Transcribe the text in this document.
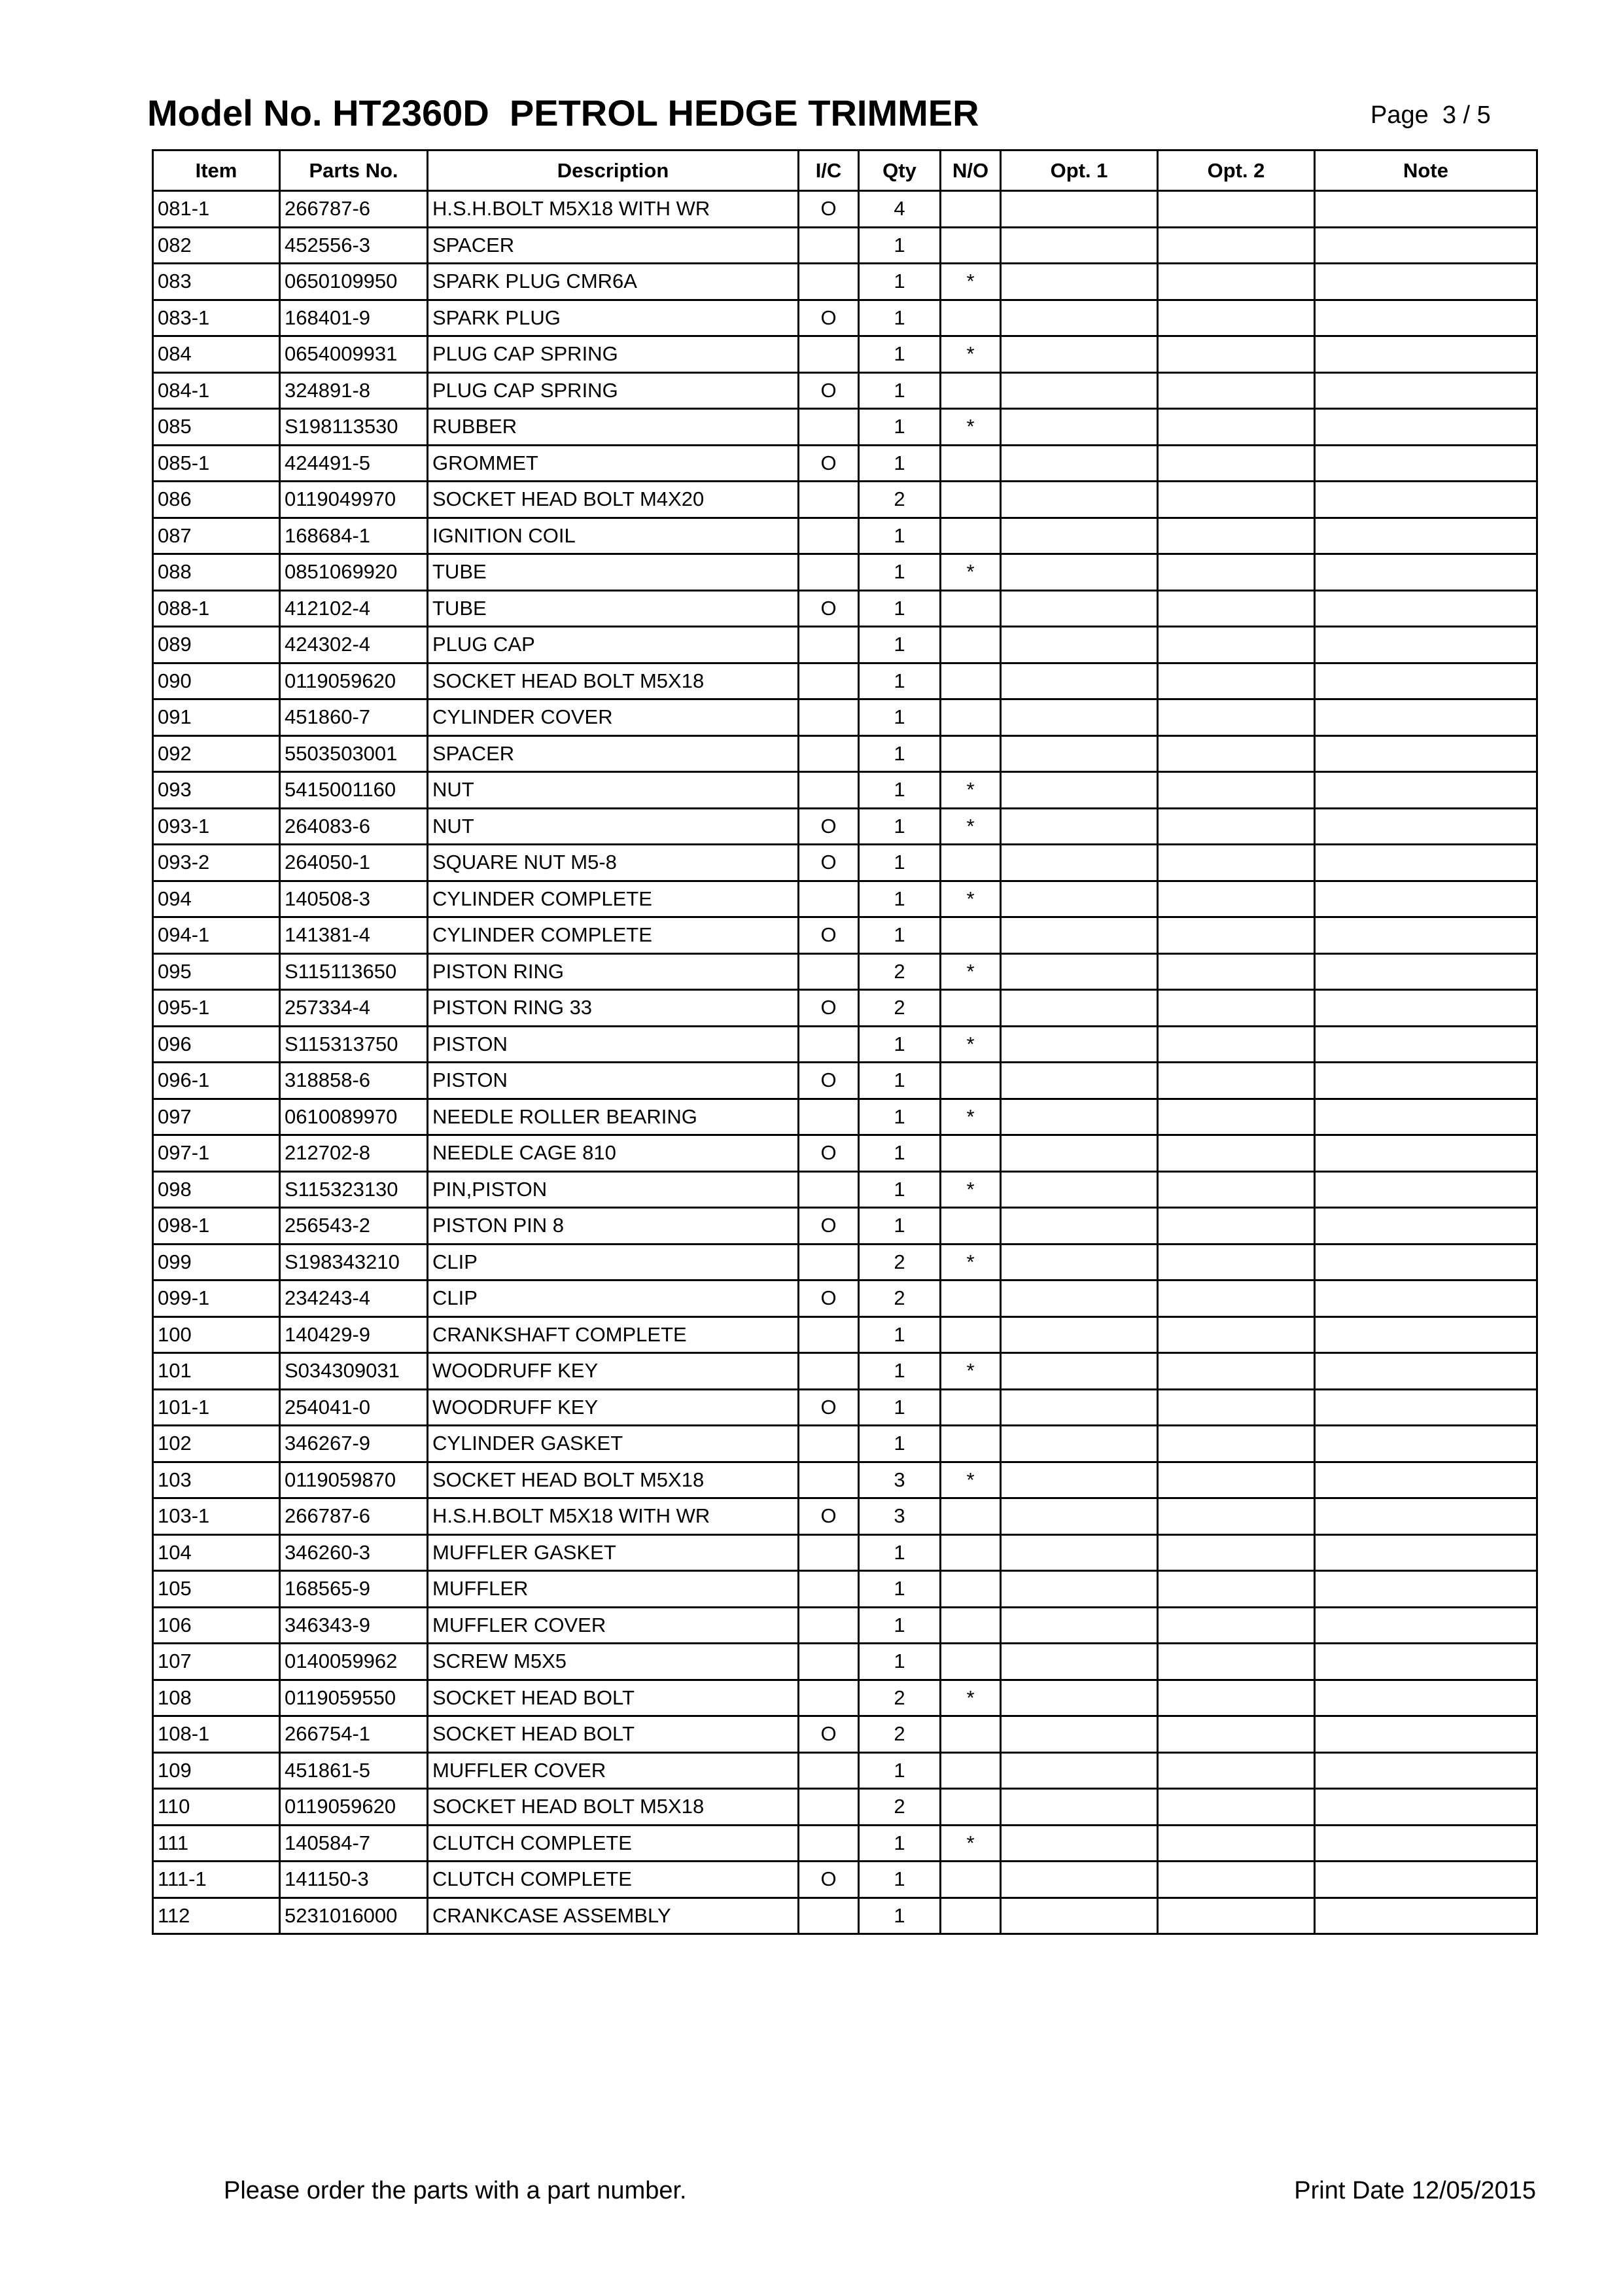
Model No. HT2360D  PETROL HEDGE TRIMMER	Page  3 / 5
Item	Parts No.	Description	I/C	Qty	N/O	Opt. 1	Opt. 2	Note
081-1	266787-6	H.S.H.BOLT M5X18 WITH WR	O	4				
082	452556-3	SPACER		1				
083	0650109950	SPARK PLUG CMR6A		1	*			
083-1	168401-9	SPARK PLUG	O	1				
084	0654009931	PLUG CAP SPRING		1	*			
084-1	324891-8	PLUG CAP SPRING	O	1				
085	S198113530	RUBBER		1	*			
085-1	424491-5	GROMMET	O	1				
086	0119049970	SOCKET HEAD BOLT M4X20		2				
087	168684-1	IGNITION COIL		1				
088	0851069920	TUBE		1	*			
088-1	412102-4	TUBE	O	1				
089	424302-4	PLUG CAP		1				
090	0119059620	SOCKET HEAD BOLT M5X18		1				
091	451860-7	CYLINDER COVER		1				
092	5503503001	SPACER		1				
093	5415001160	NUT		1	*			
093-1	264083-6	NUT	O	1	*			
093-2	264050-1	SQUARE NUT M5-8	O	1				
094	140508-3	CYLINDER COMPLETE		1	*			
094-1	141381-4	CYLINDER COMPLETE	O	1				
095	S115113650	PISTON RING		2	*			
095-1	257334-4	PISTON RING 33	O	2				
096	S115313750	PISTON		1	*			
096-1	318858-6	PISTON	O	1				
097	0610089970	NEEDLE ROLLER BEARING		1	*			
097-1	212702-8	NEEDLE CAGE 810	O	1				
098	S115323130	PIN,PISTON		1	*			
098-1	256543-2	PISTON PIN 8	O	1				
099	S198343210	CLIP		2	*			
099-1	234243-4	CLIP	O	2				
100	140429-9	CRANKSHAFT COMPLETE		1				
101	S034309031	WOODRUFF KEY		1	*			
101-1	254041-0	WOODRUFF KEY	O	1				
102	346267-9	CYLINDER GASKET		1				
103	0119059870	SOCKET HEAD BOLT M5X18		3	*			
103-1	266787-6	H.S.H.BOLT M5X18 WITH WR	O	3				
104	346260-3	MUFFLER GASKET		1				
105	168565-9	MUFFLER		1				
106	346343-9	MUFFLER COVER		1				
107	0140059962	SCREW M5X5		1				
108	0119059550	SOCKET HEAD BOLT		2	*			
108-1	266754-1	SOCKET HEAD BOLT	O	2				
109	451861-5	MUFFLER COVER		1				
110	0119059620	SOCKET HEAD BOLT M5X18		2				
111	140584-7	CLUTCH COMPLETE		1	*			
111-1	141150-3	CLUTCH COMPLETE	O	1				
112	5231016000	CRANKCASE ASSEMBLY		1				
Please order the parts with a part number.	Print Date 12/05/2015
